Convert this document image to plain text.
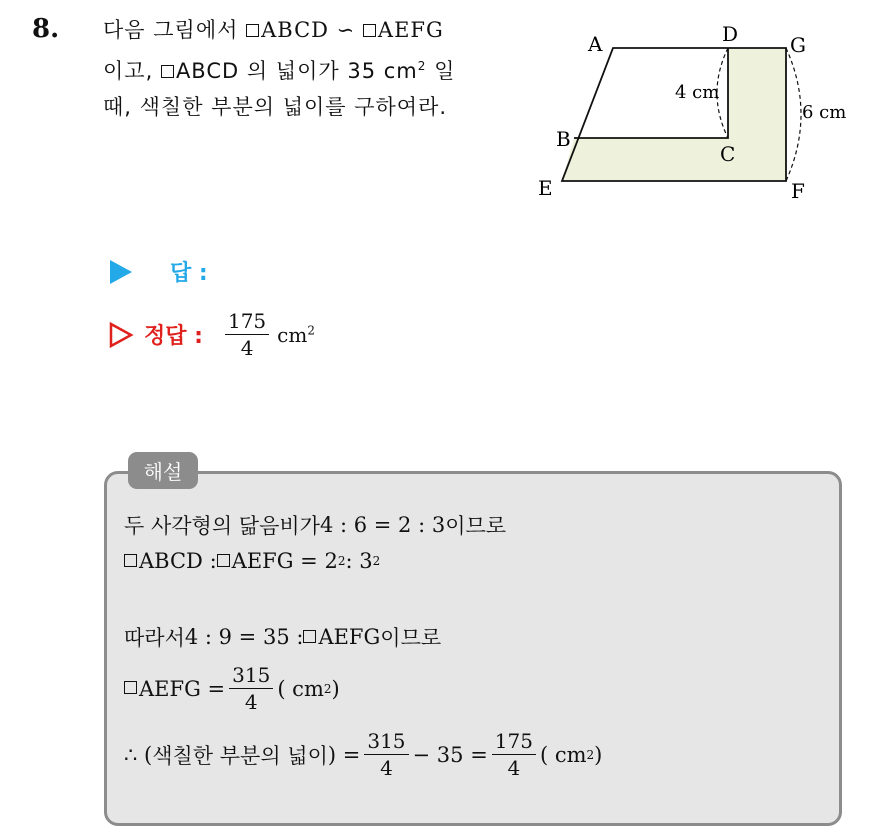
8. 다음 그림에서 ABCD ∽ AEFG
이고, ABCD 의 넓이가 35 $cm^2$ 일
때, 색칠한 부분의 넓이를 구하여라.
A	D	G
B
C
E	F
4 cm
6 cm
답 :
정답 : $\frac{175}{4} cm^2$
해설
두 사각형의 닮음비가 4 : 6 = 2 : 3 이므로
ABCD : AEFG = 2 2 : 3 2
따라서 4 : 9 = 35 : AEFG 이므로
AEFG = $\frac{315}{4}$ ( cm 2 )
∴ ( 색칠한 부분의 넓이 ) = $\frac{315}{4} - 35 = \frac{175}{4}$ ( cm 2 )
